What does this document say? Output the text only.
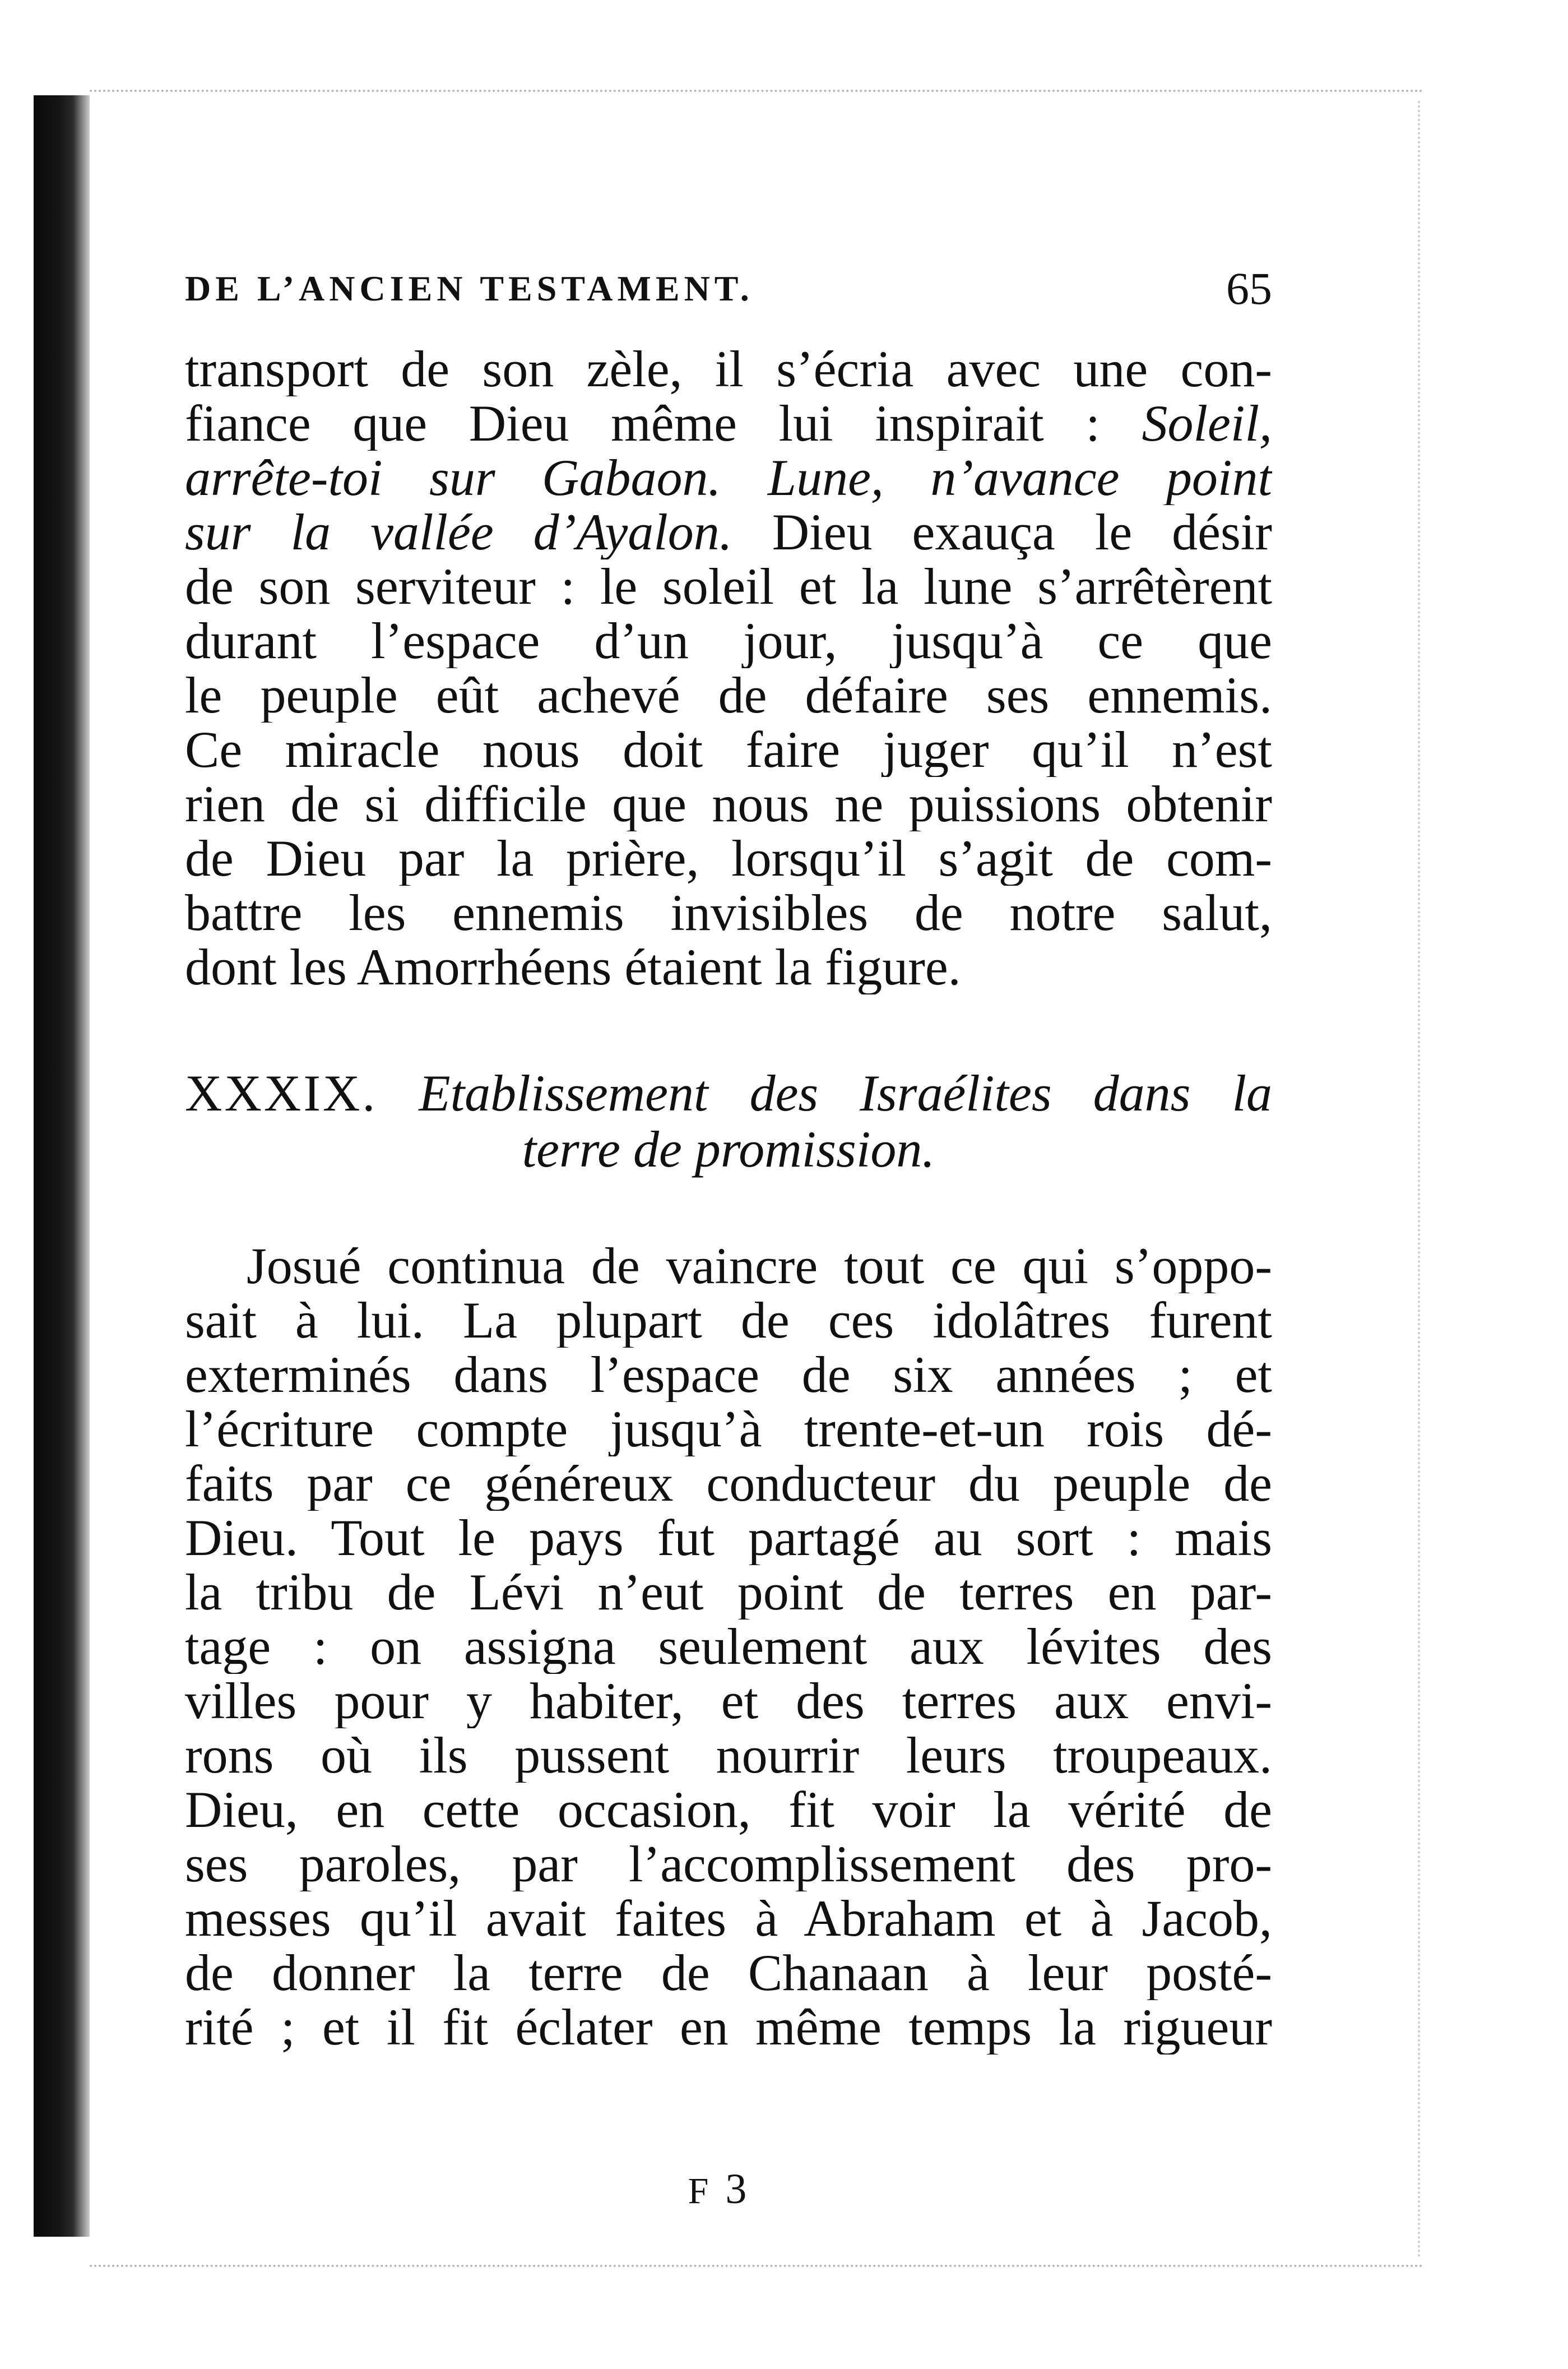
DE L’ANCIEN TESTAMENT.	65
transport de son zèle, il s’écria avec une con-
fiance que Dieu même lui inspirait : Soleil,
arrête-toi sur Gabaon. Lune, n’avance point
sur la vallée d’Ayalon. Dieu exauça le désir
de son serviteur : le soleil et la lune s’arrêtèrent
durant l’espace d’un jour, jusqu’à ce que
le peuple eût achevé de défaire ses ennemis.
Ce miracle nous doit faire juger qu’il n’est
rien de si difficile que nous ne puissions obtenir
de Dieu par la prière, lorsqu’il s’agit de com-
battre les ennemis invisibles de notre salut,
dont les Amorrhéens étaient la figure.
XXXIX. Etablissement des Israélites dans la
terre de promission.
Josué continua de vaincre tout ce qui s’oppo-
sait à lui. La plupart de ces idolâtres furent
exterminés dans l’espace de six années ; et
l’écriture compte jusqu’à trente-et-un rois dé-
faits par ce généreux conducteur du peuple de
Dieu. Tout le pays fut partagé au sort : mais
la tribu de Lévi n’eut point de terres en par-
tage : on assigna seulement aux lévites des
villes pour y habiter, et des terres aux envi-
rons où ils pussent nourrir leurs troupeaux.
Dieu, en cette occasion, fit voir la vérité de
ses paroles, par l’accomplissement des pro-
messes qu’il avait faites à Abraham et à Jacob,
de donner la terre de Chanaan à leur posté-
rité ; et il fit éclater en même temps la rigueur
F 3
